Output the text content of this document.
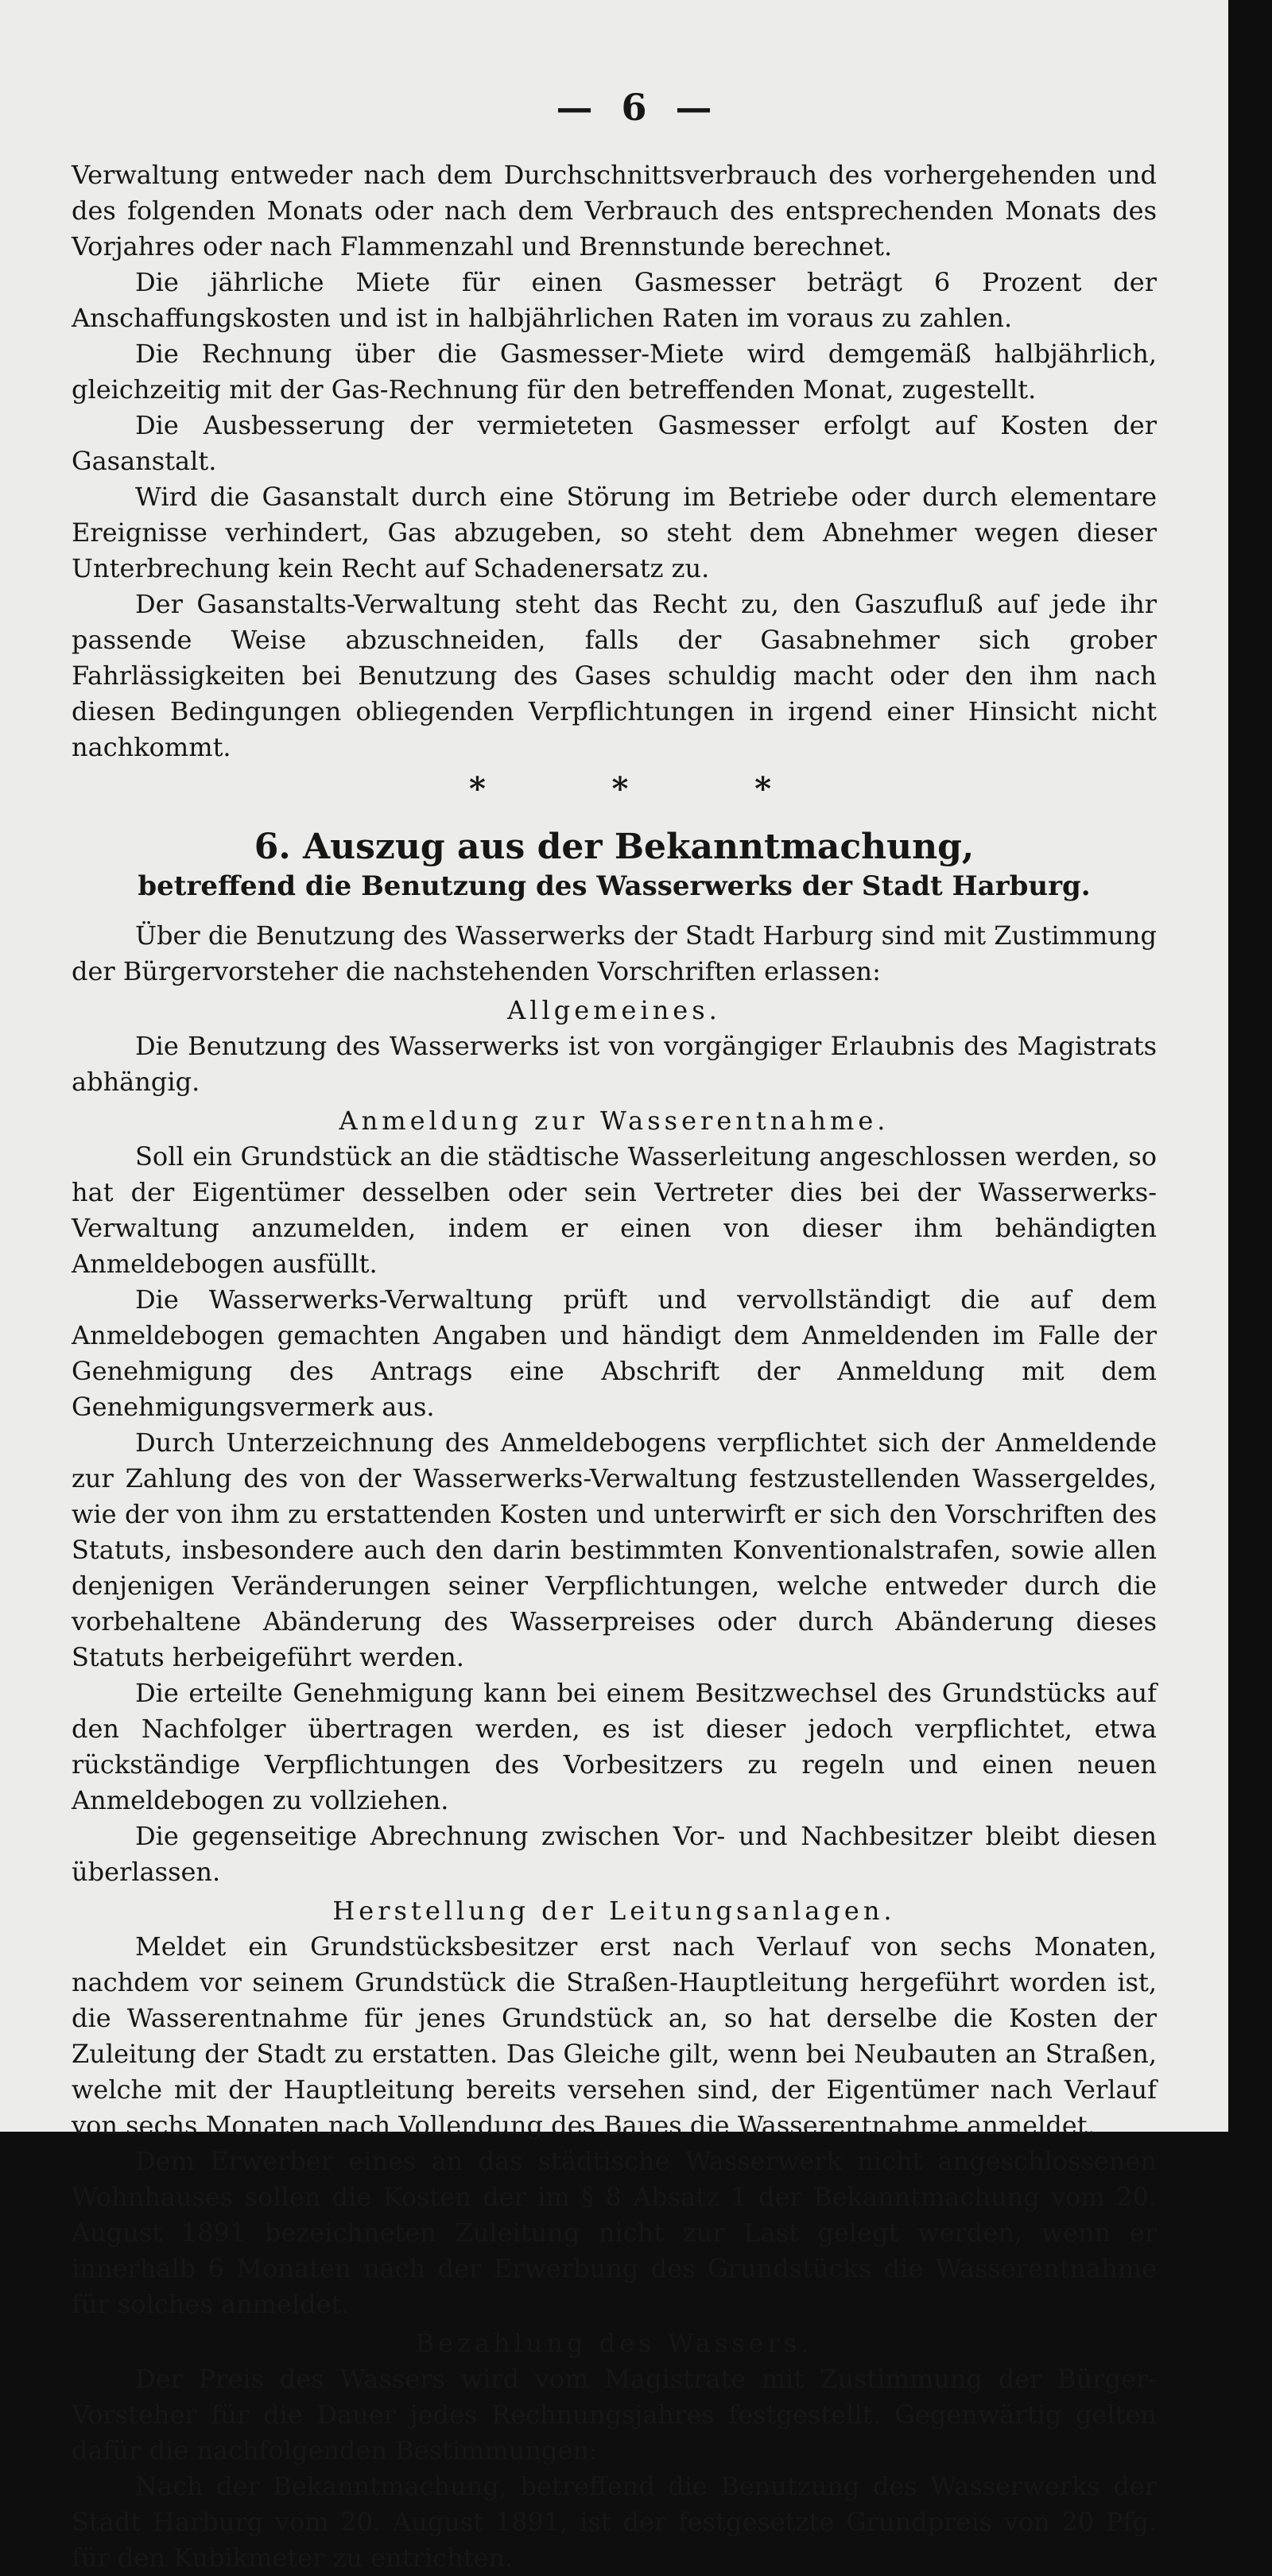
— 6 —

Verwaltung entweder nach dem Durchschnittsverbrauch des vorhergehenden und des folgenden Monats oder nach dem Verbrauch des entsprechenden Monats des Vorjahres oder nach Flammenzahl und Brennstunde berechnet.

Die jährliche Miete für einen Gasmesser beträgt 6 Prozent der Anschaffungskosten und ist in halbjährlichen Raten im voraus zu zahlen.

Die Rechnung über die Gasmesser-Miete wird demgemäß halbjährlich, gleichzeitig mit der Gas-Rechnung für den betreffenden Monat, zugestellt.

Die Ausbesserung der vermieteten Gasmesser erfolgt auf Kosten der Gasanstalt.

Wird die Gasanstalt durch eine Störung im Betriebe oder durch elementare Ereignisse verhindert, Gas abzugeben, so steht dem Abnehmer wegen dieser Unterbrechung kein Recht auf Schadenersatz zu.

Der Gasanstalts-Verwaltung steht das Recht zu, den Gaszufluß auf jede ihr passende Weise abzuschneiden, falls der Gasabnehmer sich grober Fahrlässigkeiten bei Benutzung des Gases schuldig macht oder den ihm nach diesen Bedingungen obliegenden Verpflichtungen in irgend einer Hinsicht nicht nachkommt.

*	*	*
6. Auszug aus der Bekanntmachung,
betreffend die Benutzung des Wasserwerks der Stadt Harburg.

Über die Benutzung des Wasserwerks der Stadt Harburg sind mit Zustimmung der Bürgervorsteher die nachstehenden Vorschriften erlassen:

Allgemeines.

Die Benutzung des Wasserwerks ist von vorgängiger Erlaubnis des Magistrats abhängig.

Anmeldung zur Wasserentnahme.

Soll ein Grundstück an die städtische Wasserleitung angeschlossen werden, so hat der Eigentümer desselben oder sein Vertreter dies bei der Wasserwerks-Verwaltung anzumelden, indem er einen von dieser ihm behändigten Anmeldebogen ausfüllt.

Die Wasserwerks-Verwaltung prüft und vervollständigt die auf dem Anmeldebogen gemachten Angaben und händigt dem Anmeldenden im Falle der Genehmigung des Antrags eine Abschrift der Anmeldung mit dem Genehmigungsvermerk aus.

Durch Unterzeichnung des Anmeldebogens verpflichtet sich der Anmeldende zur Zahlung des von der Wasserwerks-Verwaltung festzustellenden Wassergeldes, wie der von ihm zu erstattenden Kosten und unterwirft er sich den Vorschriften des Statuts, insbesondere auch den darin bestimmten Konventionalstrafen, sowie allen denjenigen Veränderungen seiner Verpflichtungen, welche entweder durch die vorbehaltene Abänderung des Wasserpreises oder durch Abänderung dieses Statuts herbeigeführt werden.

Die erteilte Genehmigung kann bei einem Besitzwechsel des Grundstücks auf den Nachfolger übertragen werden, es ist dieser jedoch verpflichtet, etwa rückständige Verpflichtungen des Vorbesitzers zu regeln und einen neuen Anmeldebogen zu vollziehen.

Die gegenseitige Abrechnung zwischen Vor- und Nachbesitzer bleibt diesen überlassen.

Herstellung der Leitungsanlagen.

Meldet ein Grundstücksbesitzer erst nach Verlauf von sechs Monaten, nachdem vor seinem Grundstück die Straßen-Hauptleitung hergeführt worden ist, die Wasserentnahme für jenes Grundstück an, so hat derselbe die Kosten der Zuleitung der Stadt zu erstatten. Das Gleiche gilt, wenn bei Neubauten an Straßen, welche mit der Hauptleitung bereits versehen sind, der Eigentümer nach Verlauf von sechs Monaten nach Vollendung des Baues die Wasserentnahme anmeldet.

Dem Erwerber eines an das städtische Wasserwerk nicht angeschlossenen Wohnhauses sollen die Kosten der im § 8 Absatz 1 der Bekanntmachung vom 20. August 1891 bezeichneten Zuleitung nicht zur Last gelegt werden, wenn er innerhalb 6 Monaten nach der Erwerbung des Grundstücks die Wasserentnahme für solches anmeldet.

Bezahlung des Wassers.

Der Preis des Wassers wird vom Magistrate mit Zustimmung der Bürger-Vorsteher für die Dauer jedes Rechnungsjahres festgestellt. Gegenwärtig gelten dafür die nachfolgenden Bestimmungen:

Nach der Bekanntmachung, betreffend die Benutzung des Wasserwerks der Stadt Harburg vom 20. August 1891, ist der festgesetzte Grundpreis von 20 Pfg. für den Kubikmeter zu entrichten.
